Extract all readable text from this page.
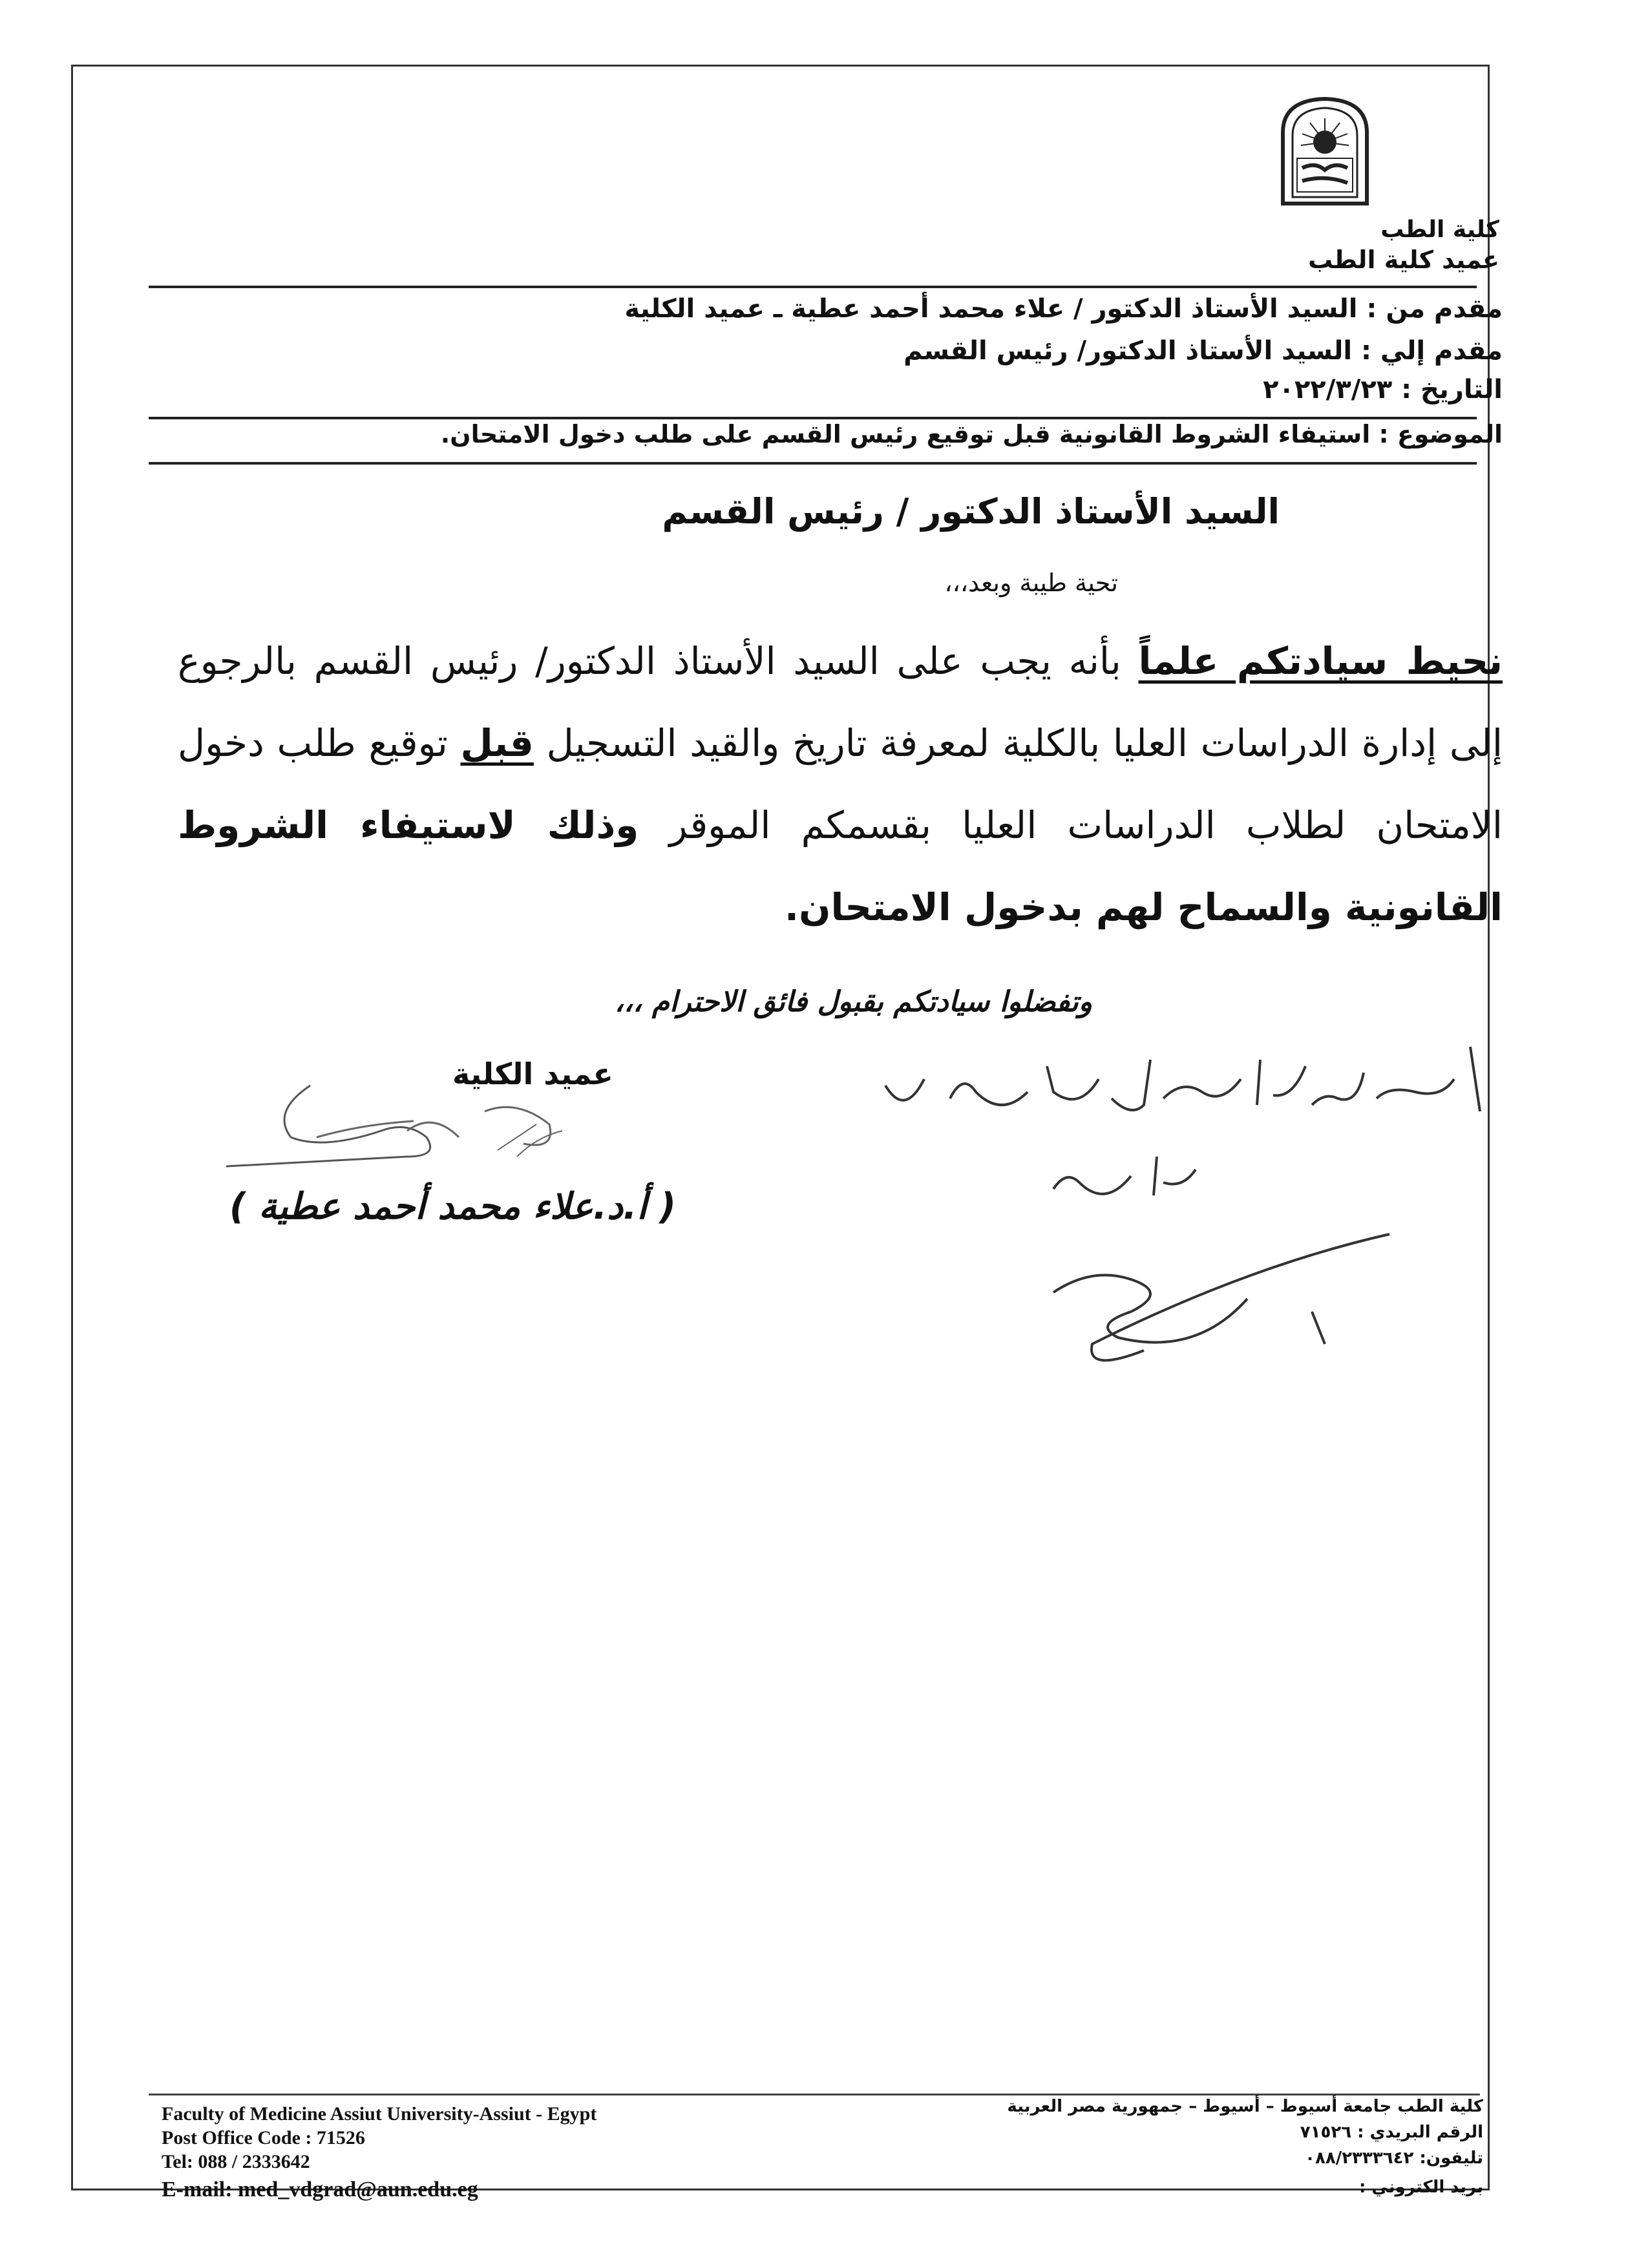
كلية الطب
عميد كلية الطب
مقدم من : السيد الأستاذ الدكتور / علاء محمد أحمد عطية ـ عميد الكلية
مقدم إلي : السيد الأستاذ الدكتور/ رئيس القسم
التاريخ : ٢٠٢٢/٣/٢٣
الموضوع : استيفاء الشروط القانونية قبل توقيع رئيس القسم على طلب دخول الامتحان.
السيد الأستاذ الدكتور / رئيس القسم
تحية طيبة وبعد،،،
نحيط سيادتكم علماً بأنه يجب على السيد الأستاذ الدكتور/ رئيس القسم بالرجوع إلى إدارة الدراسات العليا بالكلية لمعرفة تاريخ والقيد التسجيل قبل توقيع طلب دخول الامتحان لطلاب الدراسات العليا بقسمكم الموقر وذلك لاستيفاء الشروط القانونية والسماح لهم بدخول الامتحان.
وتفضلوا سيادتكم بقبول فائق الاحترام ،،،
عميد الكلية
( أ.د.علاء محمد أحمد عطية )
Faculty of Medicine Assiut University-Assiut - Egypt
Post Office Code : 71526
Tel: 088 / 2333642
E-mail: med_vdgrad@aun.edu.eg
كلية الطب جامعة أسيوط – أسيوط – جمهورية مصر العربية
الرقم البريدي : ٧١٥٢٦
تليفون: ٠٨٨/٢٣٣٣٦٤٢
بريد الكتروني :
